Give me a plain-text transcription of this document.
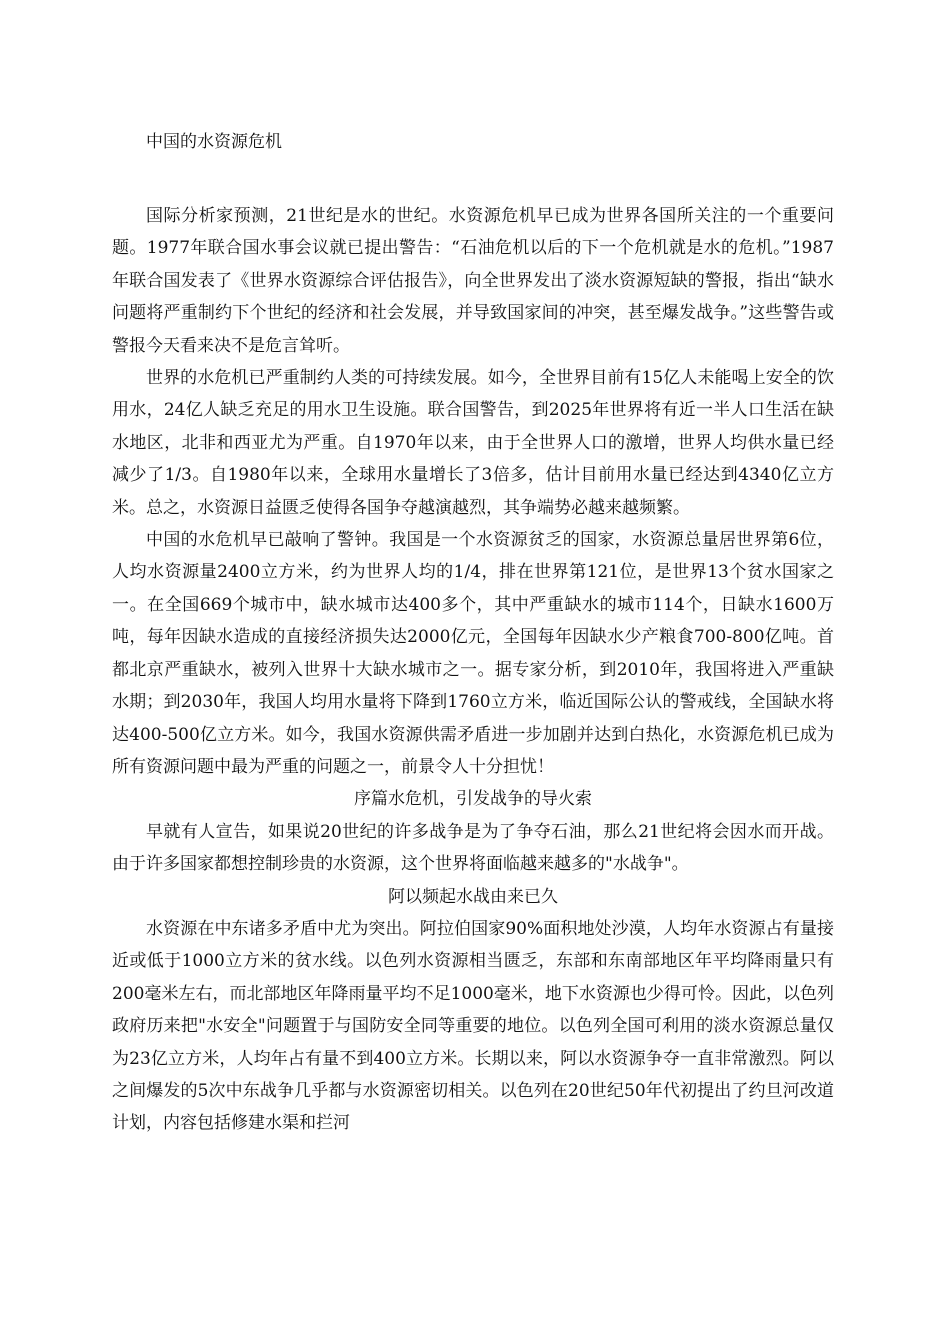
中国的水资源危机

国际分析家预测，21世纪是水的世纪。水资源危机早已成为世界各国所关注的一个重要问题。1977年联合国水事会议就已提出警告：“石油危机以后的下一个危机就是水的危机。”1987年联合国发表了《世界水资源综合评估报告》，向全世界发出了淡水资源短缺的警报，指出“缺水问题将严重制约下个世纪的经济和社会发展，并导致国家间的冲突，甚至爆发战争。”这些警告或警报今天看来决不是危言耸听。

世界的水危机已严重制约人类的可持续发展。如今，全世界目前有15亿人未能喝上安全的饮用水，24亿人缺乏充足的用水卫生设施。联合国警告，到2025年世界将有近一半人口生活在缺水地区，北非和西亚尤为严重。自1970年以来，由于全世界人口的激增，世界人均供水量已经减少了1/3。自1980年以来，全球用水量增长了3倍多，估计目前用水量已经达到4340亿立方米。总之，水资源日益匮乏使得各国争夺越演越烈，其争端势必越来越频繁。

中国的水危机早已敲响了警钟。我国是一个水资源贫乏的国家，水资源总量居世界第6位，人均水资源量2400立方米，约为世界人均的1/4，排在世界第121位，是世界13个贫水国家之一。在全国669个城市中，缺水城市达400多个，其中严重缺水的城市114个，日缺水1600万吨，每年因缺水造成的直接经济损失达2000亿元，全国每年因缺水少产粮食700-800亿吨。首都北京严重缺水，被列入世界十大缺水城市之一。据专家分析，到2010年，我国将进入严重缺水期；到2030年，我国人均用水量将下降到1760立方米，临近国际公认的警戒线，全国缺水将达400-500亿立方米。如今，我国水资源供需矛盾进一步加剧并达到白热化，水资源危机已成为所有资源问题中最为严重的问题之一，前景令人十分担忧！

序篇水危机，引发战争的导火索

早就有人宣告，如果说20世纪的许多战争是为了争夺石油，那么21世纪将会因水而开战。由于许多国家都想控制珍贵的水资源，这个世界将面临越来越多的"水战争"。

阿以频起水战由来已久

水资源在中东诸多矛盾中尤为突出。阿拉伯国家90%面积地处沙漠，人均年水资源占有量接近或低于1000立方米的贫水线。以色列水资源相当匮乏，东部和东南部地区年平均降雨量只有200毫米左右，而北部地区年降雨量平均不足1000毫米，地下水资源也少得可怜。因此，以色列政府历来把"水安全"问题置于与国防安全同等重要的地位。以色列全国可利用的淡水资源总量仅为23亿立方米，人均年占有量不到400立方米。长期以来，阿以水资源争夺一直非常激烈。阿以之间爆发的5次中东战争几乎都与水资源密切相关。以色列在20世纪50年代初提出了约旦河改道计划，内容包括修建水渠和拦河
